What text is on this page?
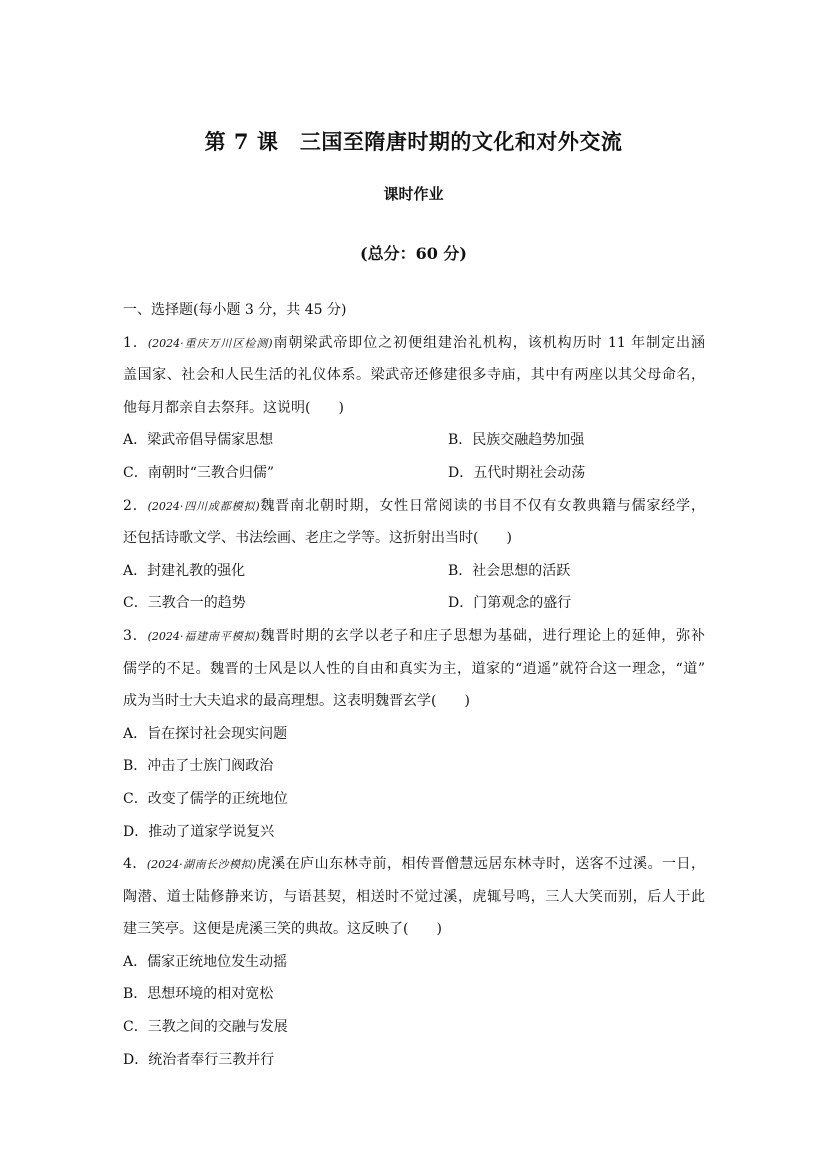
第 7 课　三国至隋唐时期的文化和对外交流
课时作业
(总分：60 分)
一、选择题(每小题 3 分，共 45 分)
1．(2024·重庆万川区检测)南朝梁武帝即位之初便组建治礼机构，该机构历时 11 年制定出涵
盖国家、社会和人民生活的礼仪体系。梁武帝还修建很多寺庙，其中有两座以其父母命名，
他每月都亲自去祭拜。这说明(　　)
A．梁武帝倡导儒家思想	B．民族交融趋势加强
C．南朝时“三教合归儒”	D．五代时期社会动荡
2．(2024·四川成都模拟)魏晋南北朝时期，女性日常阅读的书目不仅有女教典籍与儒家经学，
还包括诗歌文学、书法绘画、老庄之学等。这折射出当时(　　)
A．封建礼教的强化	B．社会思想的活跃
C．三教合一的趋势	D．门第观念的盛行
3．(2024·福建南平模拟)魏晋时期的玄学以老子和庄子思想为基础，进行理论上的延伸，弥补
儒学的不足。魏晋的士风是以人性的自由和真实为主，道家的“逍遥”就符合这一理念，“道”
成为当时士大夫追求的最高理想。这表明魏晋玄学(　　)
A．旨在探讨社会现实问题
B．冲击了士族门阀政治
C．改变了儒学的正统地位
D．推动了道家学说复兴
4．(2024·湖南长沙模拟)虎溪在庐山东林寺前，相传晋僧慧远居东林寺时，送客不过溪。一日，
陶潜、道士陆修静来访，与语甚契，相送时不觉过溪，虎辄号鸣，三人大笑而别，后人于此
建三笑亭。这便是虎溪三笑的典故。这反映了(　　)
A．儒家正统地位发生动摇
B．思想环境的相对宽松
C．三教之间的交融与发展
D．统治者奉行三教并行
